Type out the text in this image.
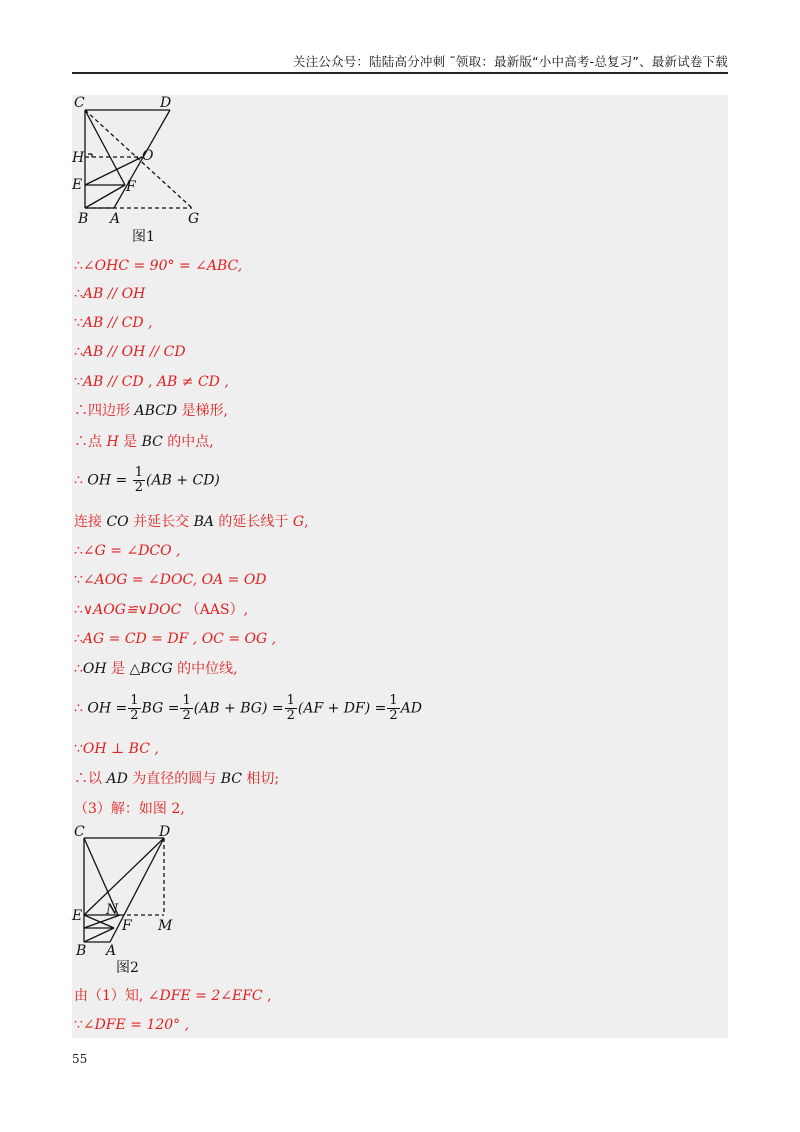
关注公众号：陆陆高分冲刺 ˜领取：最新版“小中高考-总复习”、最新试卷下载
C	D
H	O
E	F
B A	G
图1
∴∠OHC = 90° = ∠ABC,
∴AB // OH
∵AB // CD ,
∴AB // OH // CD
∵AB // CD , AB ≠ CD ,
∴四边形 ABCD 是梯形,
∴点 H 是 BC 的中点,
∴ OH = $\frac{1}{2} (AB + CD)$
连接 CO 并延长交 BA 的延长线于 G,
∴∠G = ∠DCO ,
∵∠AOG = ∠DOC, OA = OD
∴∨AOG≌∨DOC （AAS）,
∴AG = CD = DF , OC = OG ,
∴OH 是 △BCG 的中位线,
∴ OH = $\frac{1}{2}$ BG = $\frac{1}{2} (AB + BG) = \frac{1}{2} (AF + DF) = \frac{1}{2}$ AD
∵OH ⊥ BC ,
∴以 AD 为直径的圆与 BC 相切;
（3）解：如图 2,
C	D
E N
F M
B A
图2
由（1）知, ∠DFE = 2∠EFC ,
∵∠DFE = 120° ,
55
